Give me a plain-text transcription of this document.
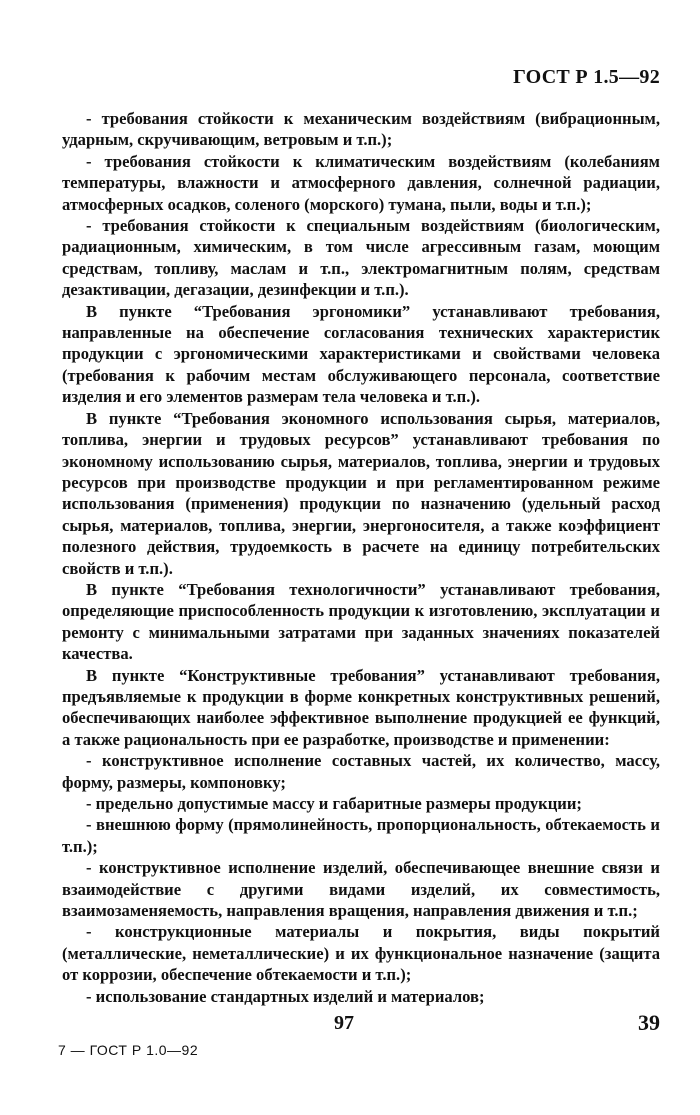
ГОСТ Р 1.5—92

- требования стойкости к механическим воздействиям (вибрационным, ударным, скручивающим, ветровым и т.п.);

- требования стойкости к климатическим воздействиям (колебаниям температуры, влажности и атмосферного давления, солнечной радиации, атмосферных осадков, соленого (морского) тумана, пыли, воды и т.п.);

- требования стойкости к специальным воздействиям (биологическим, радиационным, химическим, в том числе агрессивным газам, моющим средствам, топливу, маслам и т.п., электромагнитным полям, средствам дезактивации, дегазации, дезинфекции и т.п.).

В пункте “Требования эргономики” устанавливают требования, направленные на обеспечение согласования технических характеристик продукции с эргономическими характеристиками и свойствами человека (требования к рабочим местам обслуживающего персонала, соответствие изделия и его элементов размерам тела человека и т.п.).

В пункте “Требования экономного использования сырья, материалов, топлива, энергии и трудовых ресурсов” устанавливают требования по экономному использованию сырья, материалов, топлива, энергии и трудовых ресурсов при производстве продукции и при регламентированном режиме использования (применения) продукции по назначению (удельный расход сырья, материалов, топлива, энергии, энергоносителя, а также коэффициент полезного действия, трудоемкость в расчете на единицу потребительских свойств и т.п.).

В пункте “Требования технологичности” устанавливают требования, определяющие приспособленность продукции к изготовлению, эксплуатации и ремонту с минимальными затратами при заданных значениях показателей качества.

В пункте “Конструктивные требования” устанавливают требования, предъявляемые к продукции в форме конкретных конструктивных решений, обеспечивающих наиболее эффективное выполнение продукцией ее функций, а также рациональность при ее разработке, производстве и применении:

- конструктивное исполнение составных частей, их количество, массу, форму, размеры, компоновку;

- предельно допустимые массу и габаритные размеры продукции;

- внешнюю форму (прямолинейность, пропорциональность, обтекаемость и т.п.);

- конструктивное исполнение изделий, обеспечивающее внешние связи и взаимодействие с другими видами изделий, их совместимость, взаимозаменяемость, направления вращения, направления движения и т.п.;

- конструкционные материалы и покрытия, виды покрытий (металлические, неметаллические) и их функциональное назначение (защита от коррозии, обеспечение обтекаемости и т.п.);

- использование стандартных изделий и материалов;

97	39
7 — ГОСТ Р 1.0—92
